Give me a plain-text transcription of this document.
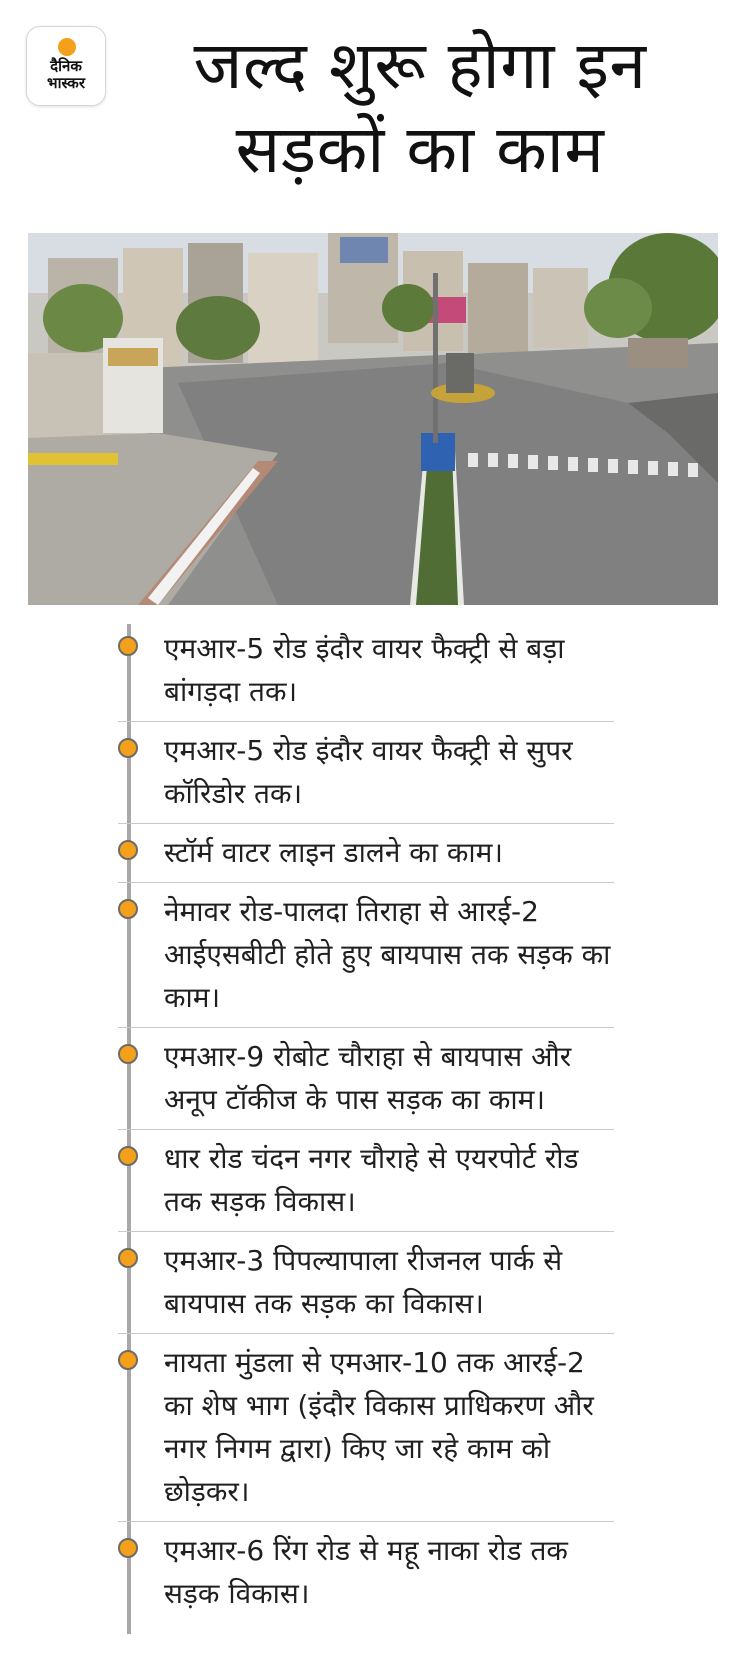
दैनिक
भास्कर	जल्द शुरू होगा इन सड़कों का काम
एमआर-5 रोड इंदौर वायर फैक्ट्री से बड़ा बांगड़दा तक।
एमआर-5 रोड इंदौर वायर फैक्ट्री से सुपर कॉरिडोर तक।
स्टॉर्म वाटर लाइन डालने का काम।
नेमावर रोड-पालदा तिराहा से आरई-2 आईएसबीटी होते हुए बायपास तक सड़क का काम।
एमआर-9 रोबोट चौराहा से बायपास और अनूप टॉकीज के पास सड़क का काम।
धार रोड चंदन नगर चौराहे से एयरपोर्ट रोड तक सड़क विकास।
एमआर-3 पिपल्यापाला रीजनल पार्क से बायपास तक सड़क का विकास।
नायता मुंडला से एमआर-10 तक आरई-2 का शेष भाग (इंदौर विकास प्राधिकरण और नगर निगम द्वारा) किए जा रहे काम को छोड़कर।
एमआर-6 रिंग रोड से महू नाका रोड तक सड़क विकास।
